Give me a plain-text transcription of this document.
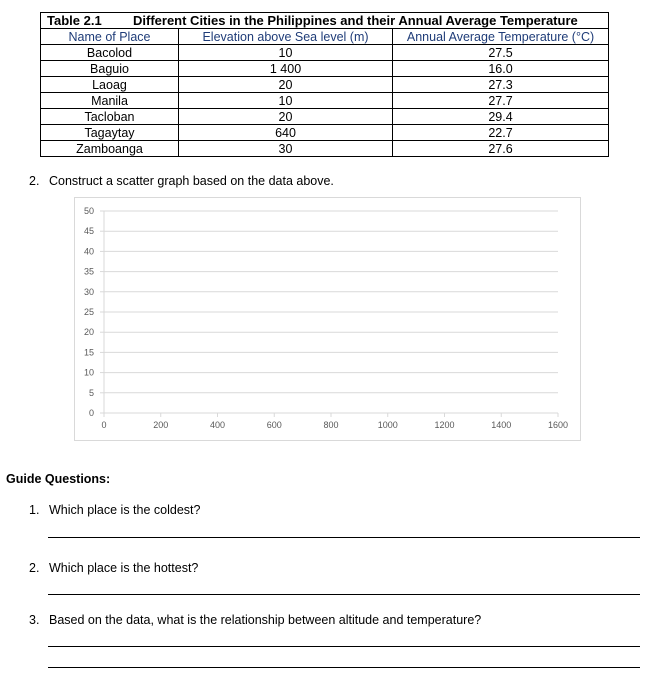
Table 2.1 Different Cities in the Philippines and their Annual Average Temperature		
Name of Place	Elevation above Sea level (m)	Annual Average Temperature (°C)
Bacolod	10	27.5
Baguio	1 400	16.0
Laoag	20	27.3
Manila	10	27.7
Tacloban	20	29.4
Tagaytay	640	22.7
Zamboanga	30	27.6
2. Construct a scatter graph based on the data above.
0
5
10
15
20
25
30
35
40
45
50
0	200	400	600	800	1000	1200	1400	1600
Guide Questions:
1. Which place is the coldest?
2. Which place is the hottest?
3. Based on the data, what is the relationship between altitude and temperature?
